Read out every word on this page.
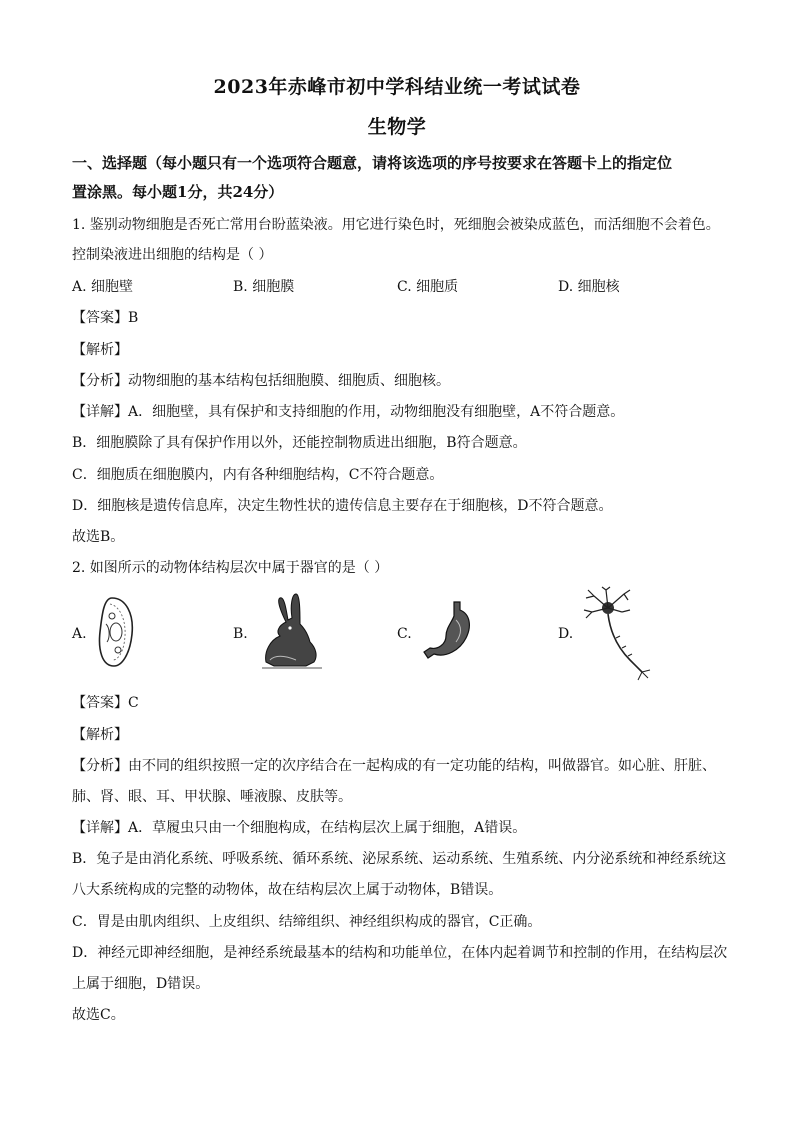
2023年赤峰市初中学科结业统一考试试卷
生物学
一、选择题（每小题只有一个选项符合题意，请将该选项的序号按要求在答题卡上的指定位
置涂黑。每小题1分，共24分）
1. 鉴别动物细胞是否死亡常用台盼蓝染液。用它进行染色时，死细胞会被染成蓝色，而活细胞不会着色。
控制染液进出细胞的结构是（ ）
A. 细胞壁	B. 细胞膜	C. 细胞质	D. 细胞核
【答案】B
【解析】
【分析】动物细胞的基本结构包括细胞膜、细胞质、细胞核。
【详解】A．细胞壁，具有保护和支持细胞的作用，动物细胞没有细胞壁，A不符合题意。
B．细胞膜除了具有保护作用以外，还能控制物质进出细胞，B符合题意。
C．细胞质在细胞膜内，内有各种细胞结构，C不符合题意。
D．细胞核是遗传信息库，决定生物性状的遗传信息主要存在于细胞核，D不符合题意。
故选B。
2. 如图所示的动物体结构层次中属于器官的是（ ）
A.	B.	C.	D.
【答案】C
【解析】
【分析】由不同的组织按照一定的次序结合在一起构成的有一定功能的结构，叫做器官。如心脏、肝脏、
肺、肾、眼、耳、甲状腺、唾液腺、皮肤等。
【详解】A．草履虫只由一个细胞构成，在结构层次上属于细胞，A错误。
B．兔子是由消化系统、呼吸系统、循环系统、泌尿系统、运动系统、生殖系统、内分泌系统和神经系统这
八大系统构成的完整的动物体，故在结构层次上属于动物体，B错误。
C．胃是由肌肉组织、上皮组织、结缔组织、神经组织构成的器官，C正确。
D．神经元即神经细胞，是神经系统最基本的结构和功能单位，在体内起着调节和控制的作用，在结构层次
上属于细胞，D错误。
故选C。
